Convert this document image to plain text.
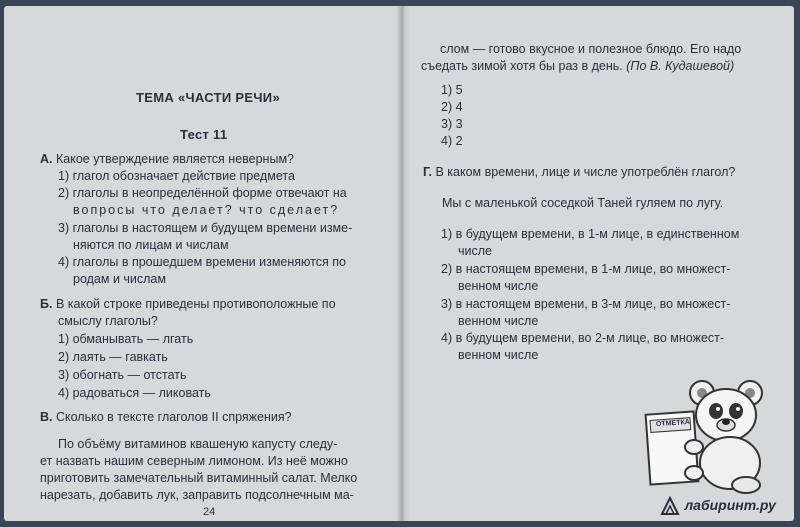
ТЕМА «ЧАСТИ РЕЧИ»
Тест 11
А. Какое утверждение является неверным?
1) глагол обозначает действие предмета
2) глаголы в неопределённой форме отвечают на
вопросы что делает? что сделает?
3) глаголы в настоящем и будущем времени изме-
няются по лицам и числам
4) глаголы в прошедшем времени изменяются по
родам и числам
Б. В какой строке приведены противоположные по
смыслу глаголы?
1) обманывать — лгать
2) лаять — гавкать
3) обогнать — отстать
4) радоваться — ликовать
В. Сколько в тексте глаголов II спряжения?
По объёму витаминов квашеную капусту следу-
ет назвать нашим северным лимоном. Из неё можно
приготовить замечательный витаминный салат. Мелко
нарезать, добавить лук, заправить подсолнечным ма-
24
слом — готово вкусное и полезное блюдо. Его надо
съедать зимой хотя бы раз в день. (По В. Кудашевой)
1) 5
2) 4
3) 3
4) 2
Г. В каком времени, лице и числе употреблён глагол?
Мы с маленькой соседкой Таней гуляем по лугу.
1) в будущем времени, в 1-м лице, в единственном
числе
2) в настоящем времени, в 1-м лице, во множест-
венном числе
3) в настоящем времени, в 3-м лице, во множест-
венном числе
4) в будущем времени, во 2-м лице, во множест-
венном числе
ОТМЕТКА
лабиринт.ру
